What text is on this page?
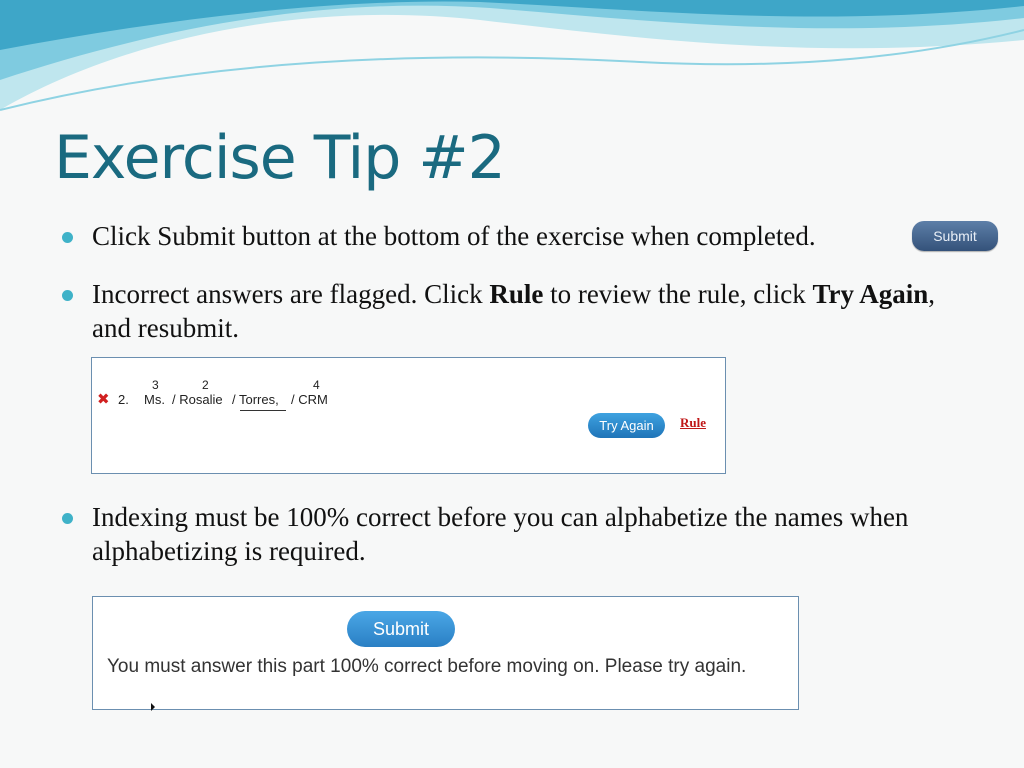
Exercise Tip #2
Click Submit button at the bottom of the exercise when completed.	Submit
Incorrect answers are flagged. Click Rule to review the rule, click Try Again, and resubmit.
✖ 2.
3
Ms.
2
/ Rosalie / Torres,
4
/ CRM
Try Again	Rule
Indexing must be 100% correct before you can alphabetize the names when alphabetizing is required.
Submit
You must answer this part 100% correct before moving on. Please try again.
